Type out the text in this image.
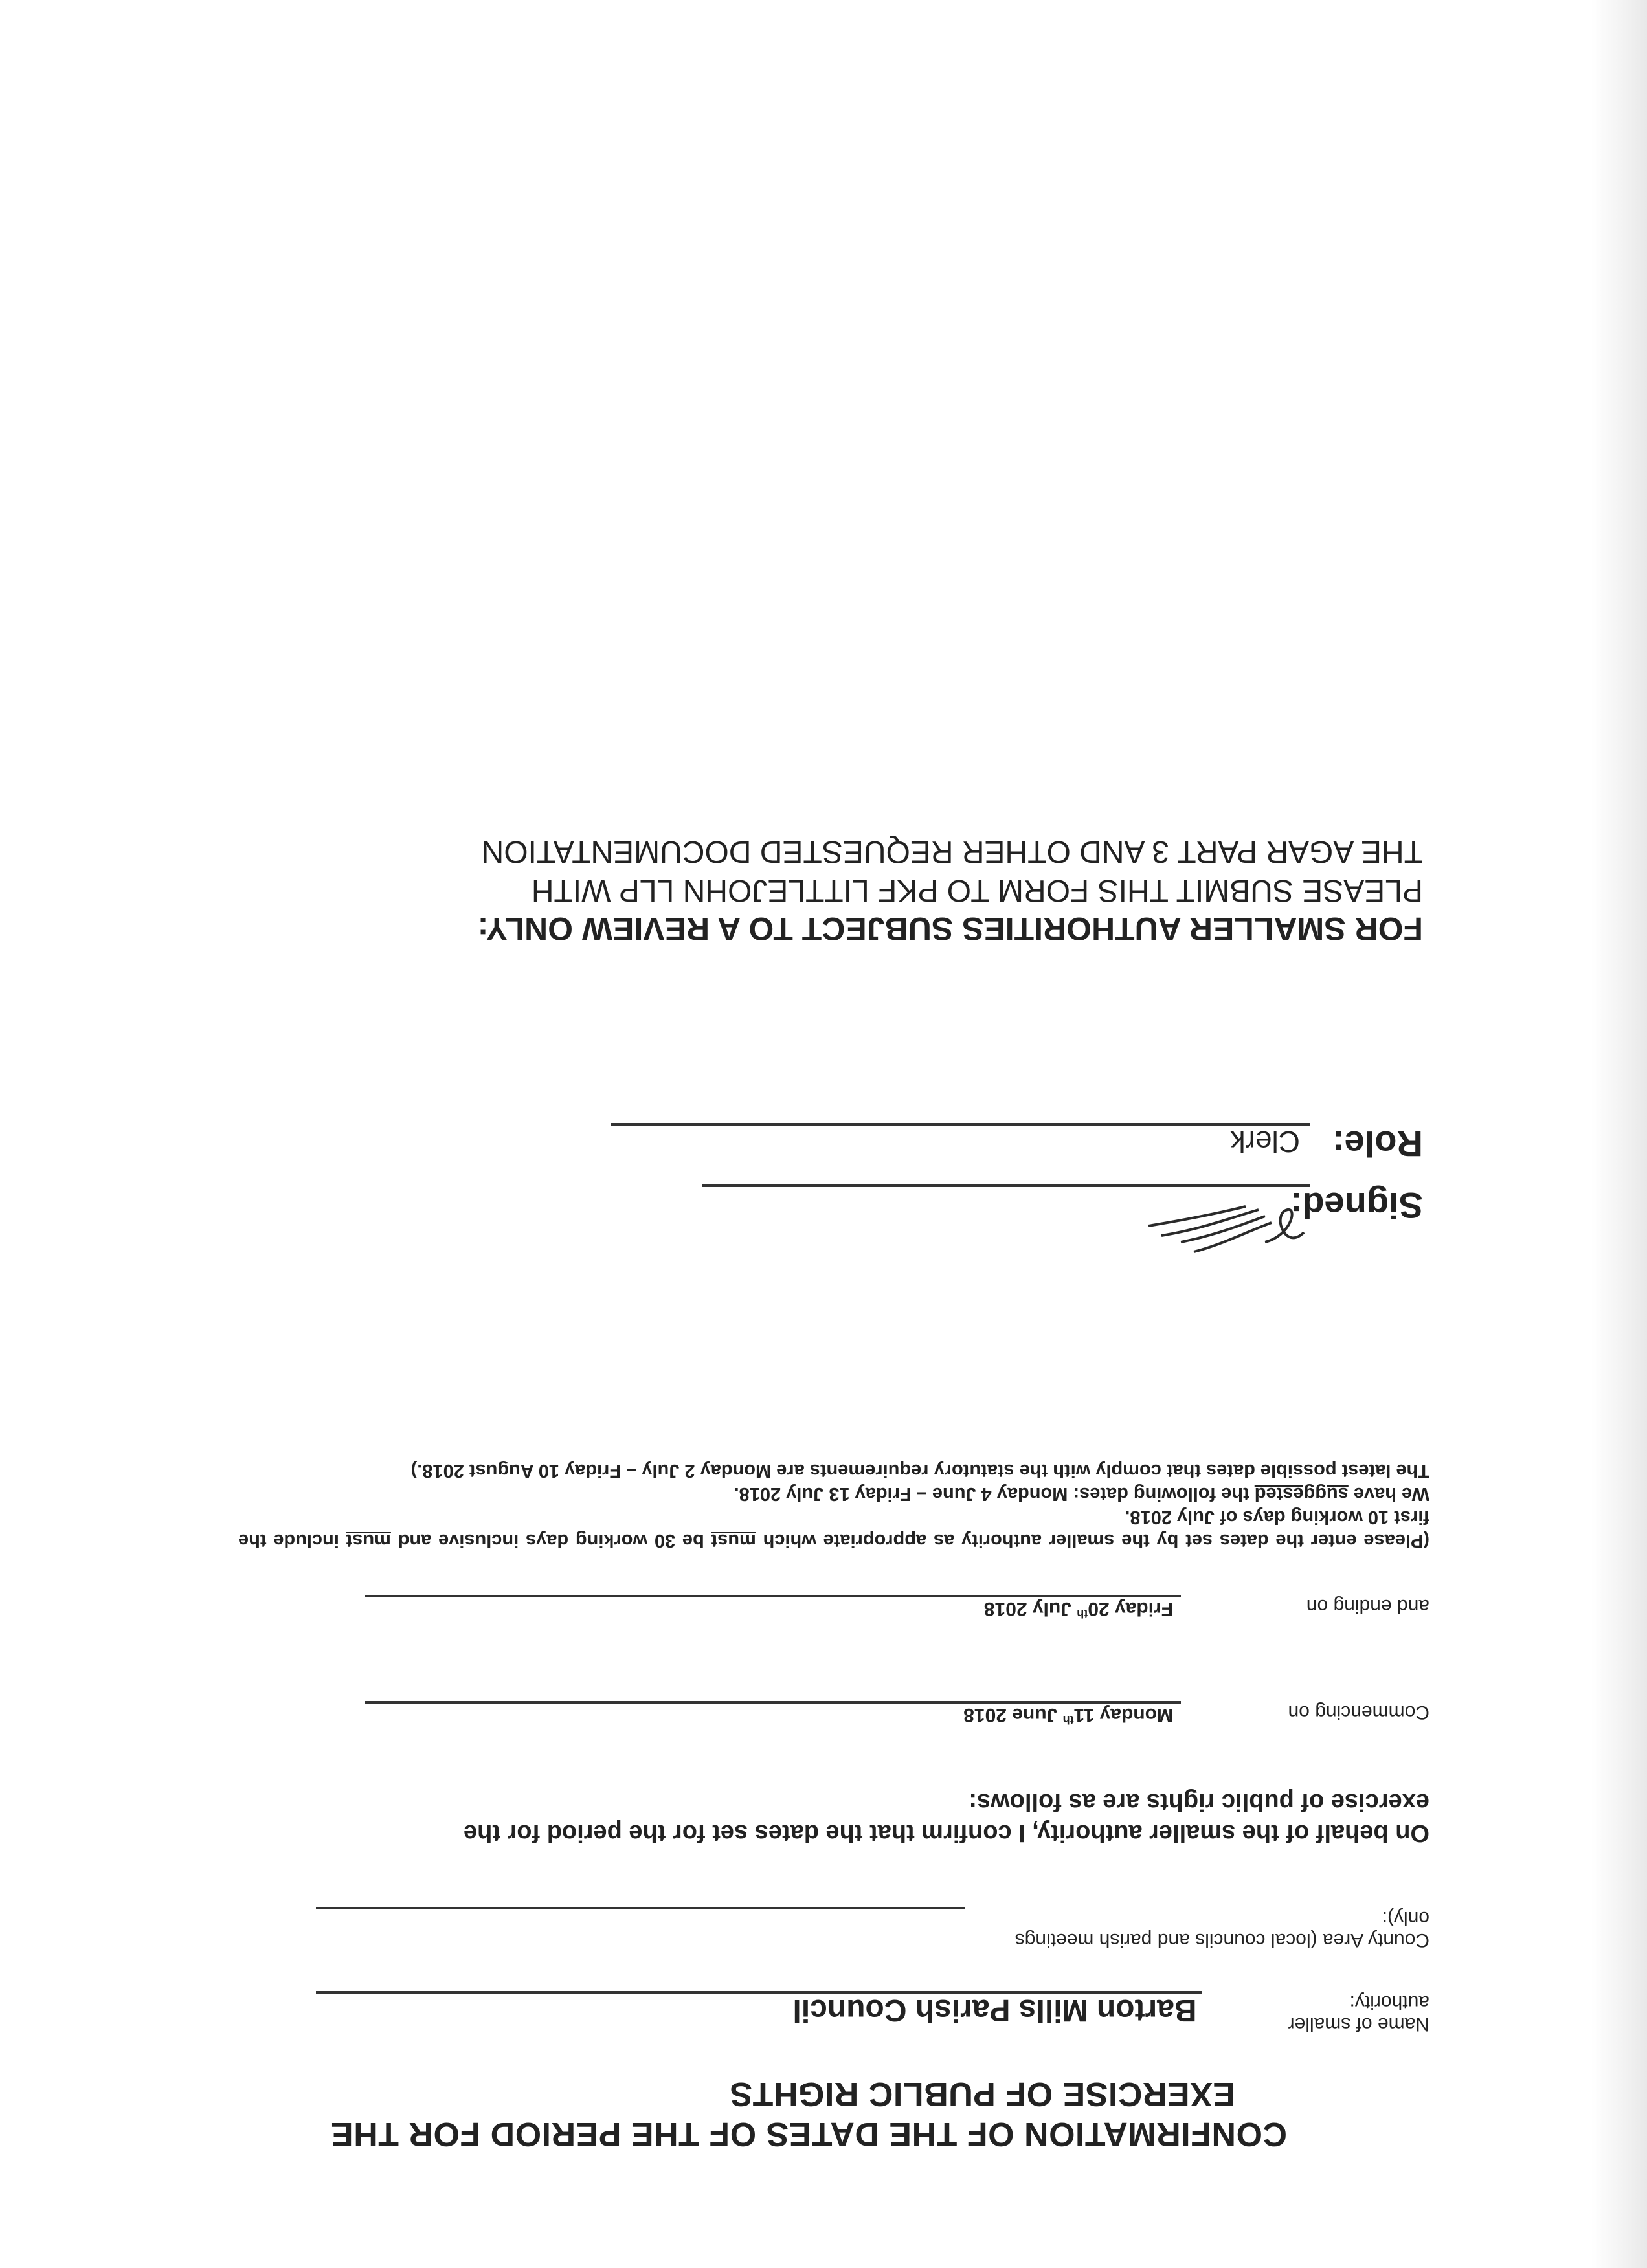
CONFIRMATION OF THE DATES OF THE PERIOD FOR THE
EXERCISE OF PUBLIC RIGHTS
Name of smaller authority:
Barton Mills Parish Council
County Area (local councils and parish meetings only):
On behalf of the smaller authority, I confirm that the dates set for the period for the exercise of public rights are as follows:
Commencing on
Monday 11th June 2018
and ending on
Friday 20th July 2018
(Please enter the dates set by the smaller authority as appropriate which must be 30 working days inclusive and must include the first 10 working days of July 2018.
We have suggested the following dates: Monday 4 June – Friday 13 July 2018.
The latest possible dates that comply with the statutory requirements are Monday 2 July – Friday 10 August 2018.)
Signed:
Role:
Clerk
FOR SMALLER AUTHORITIES SUBJECT TO A REVIEW ONLY:
PLEASE SUBMIT THIS FORM TO PKF LITTLEJOHN LLP WITH
THE AGAR PART 3 AND OTHER REQUESTED DOCUMENTATION
